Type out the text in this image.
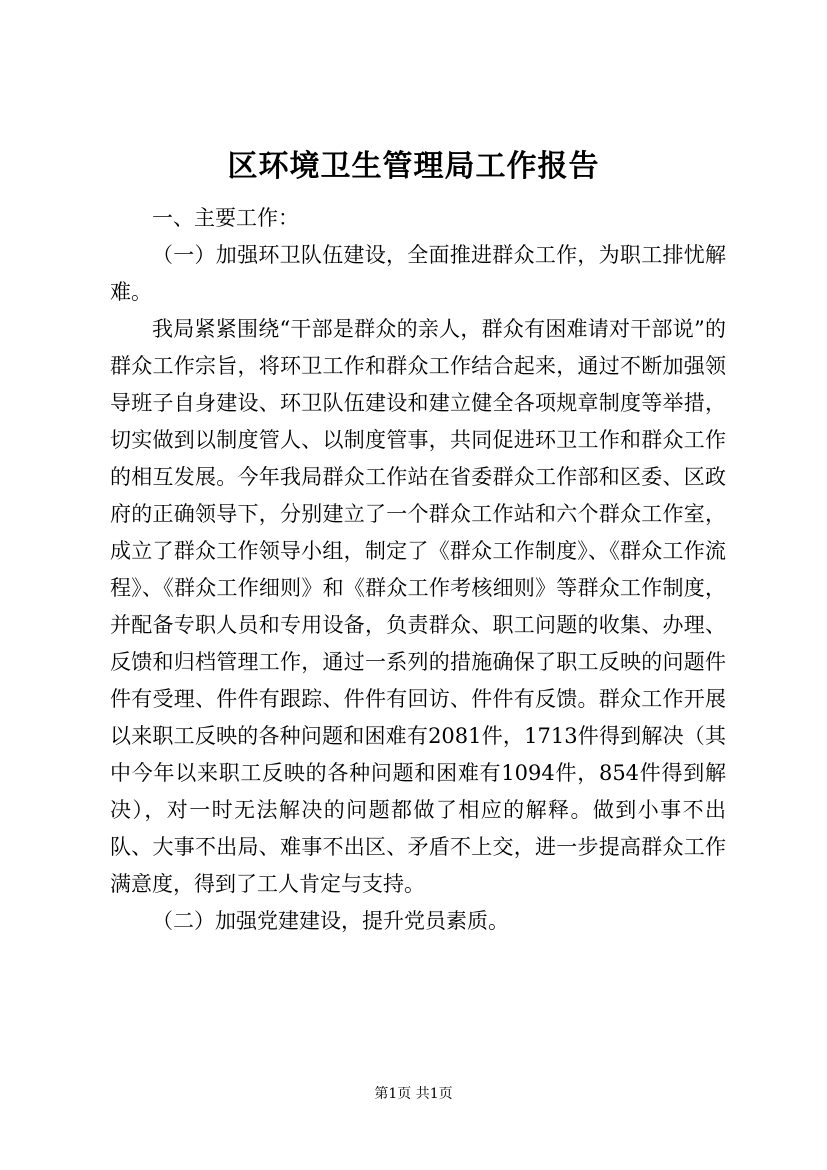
区环境卫生管理局工作报告

一、主要工作：

（一）加强环卫队伍建设，全面推进群众工作，为职工排忧解难。

我局紧紧围绕“干部是群众的亲人，群众有困难请对干部说”的群众工作宗旨，将环卫工作和群众工作结合起来，通过不断加强领导班子自身建设、环卫队伍建设和建立健全各项规章制度等举措，切实做到以制度管人、以制度管事，共同促进环卫工作和群众工作的相互发展。今年我局群众工作站在省委群众工作部和区委、区政府的正确领导下，分别建立了一个群众工作站和六个群众工作室，成立了群众工作领导小组，制定了《群众工作制度》、《群众工作流程》、《群众工作细则》和《群众工作考核细则》等群众工作制度，并配备专职人员和专用设备，负责群众、职工问题的收集、办理、反馈和归档管理工作，通过一系列的措施确保了职工反映的问题件件有受理、件件有跟踪、件件有回访、件件有反馈。群众工作开展以来职工反映的各种问题和困难有2081件，1713件得到解决（其中今年以来职工反映的各种问题和困难有1094件，854件得到解决），对一时无法解决的问题都做了相应的解释。做到小事不出队、大事不出局、难事不出区、矛盾不上交，进一步提高群众工作满意度，得到了工人肯定与支持。

（二）加强党建建设，提升党员素质。

第1页 共1页
